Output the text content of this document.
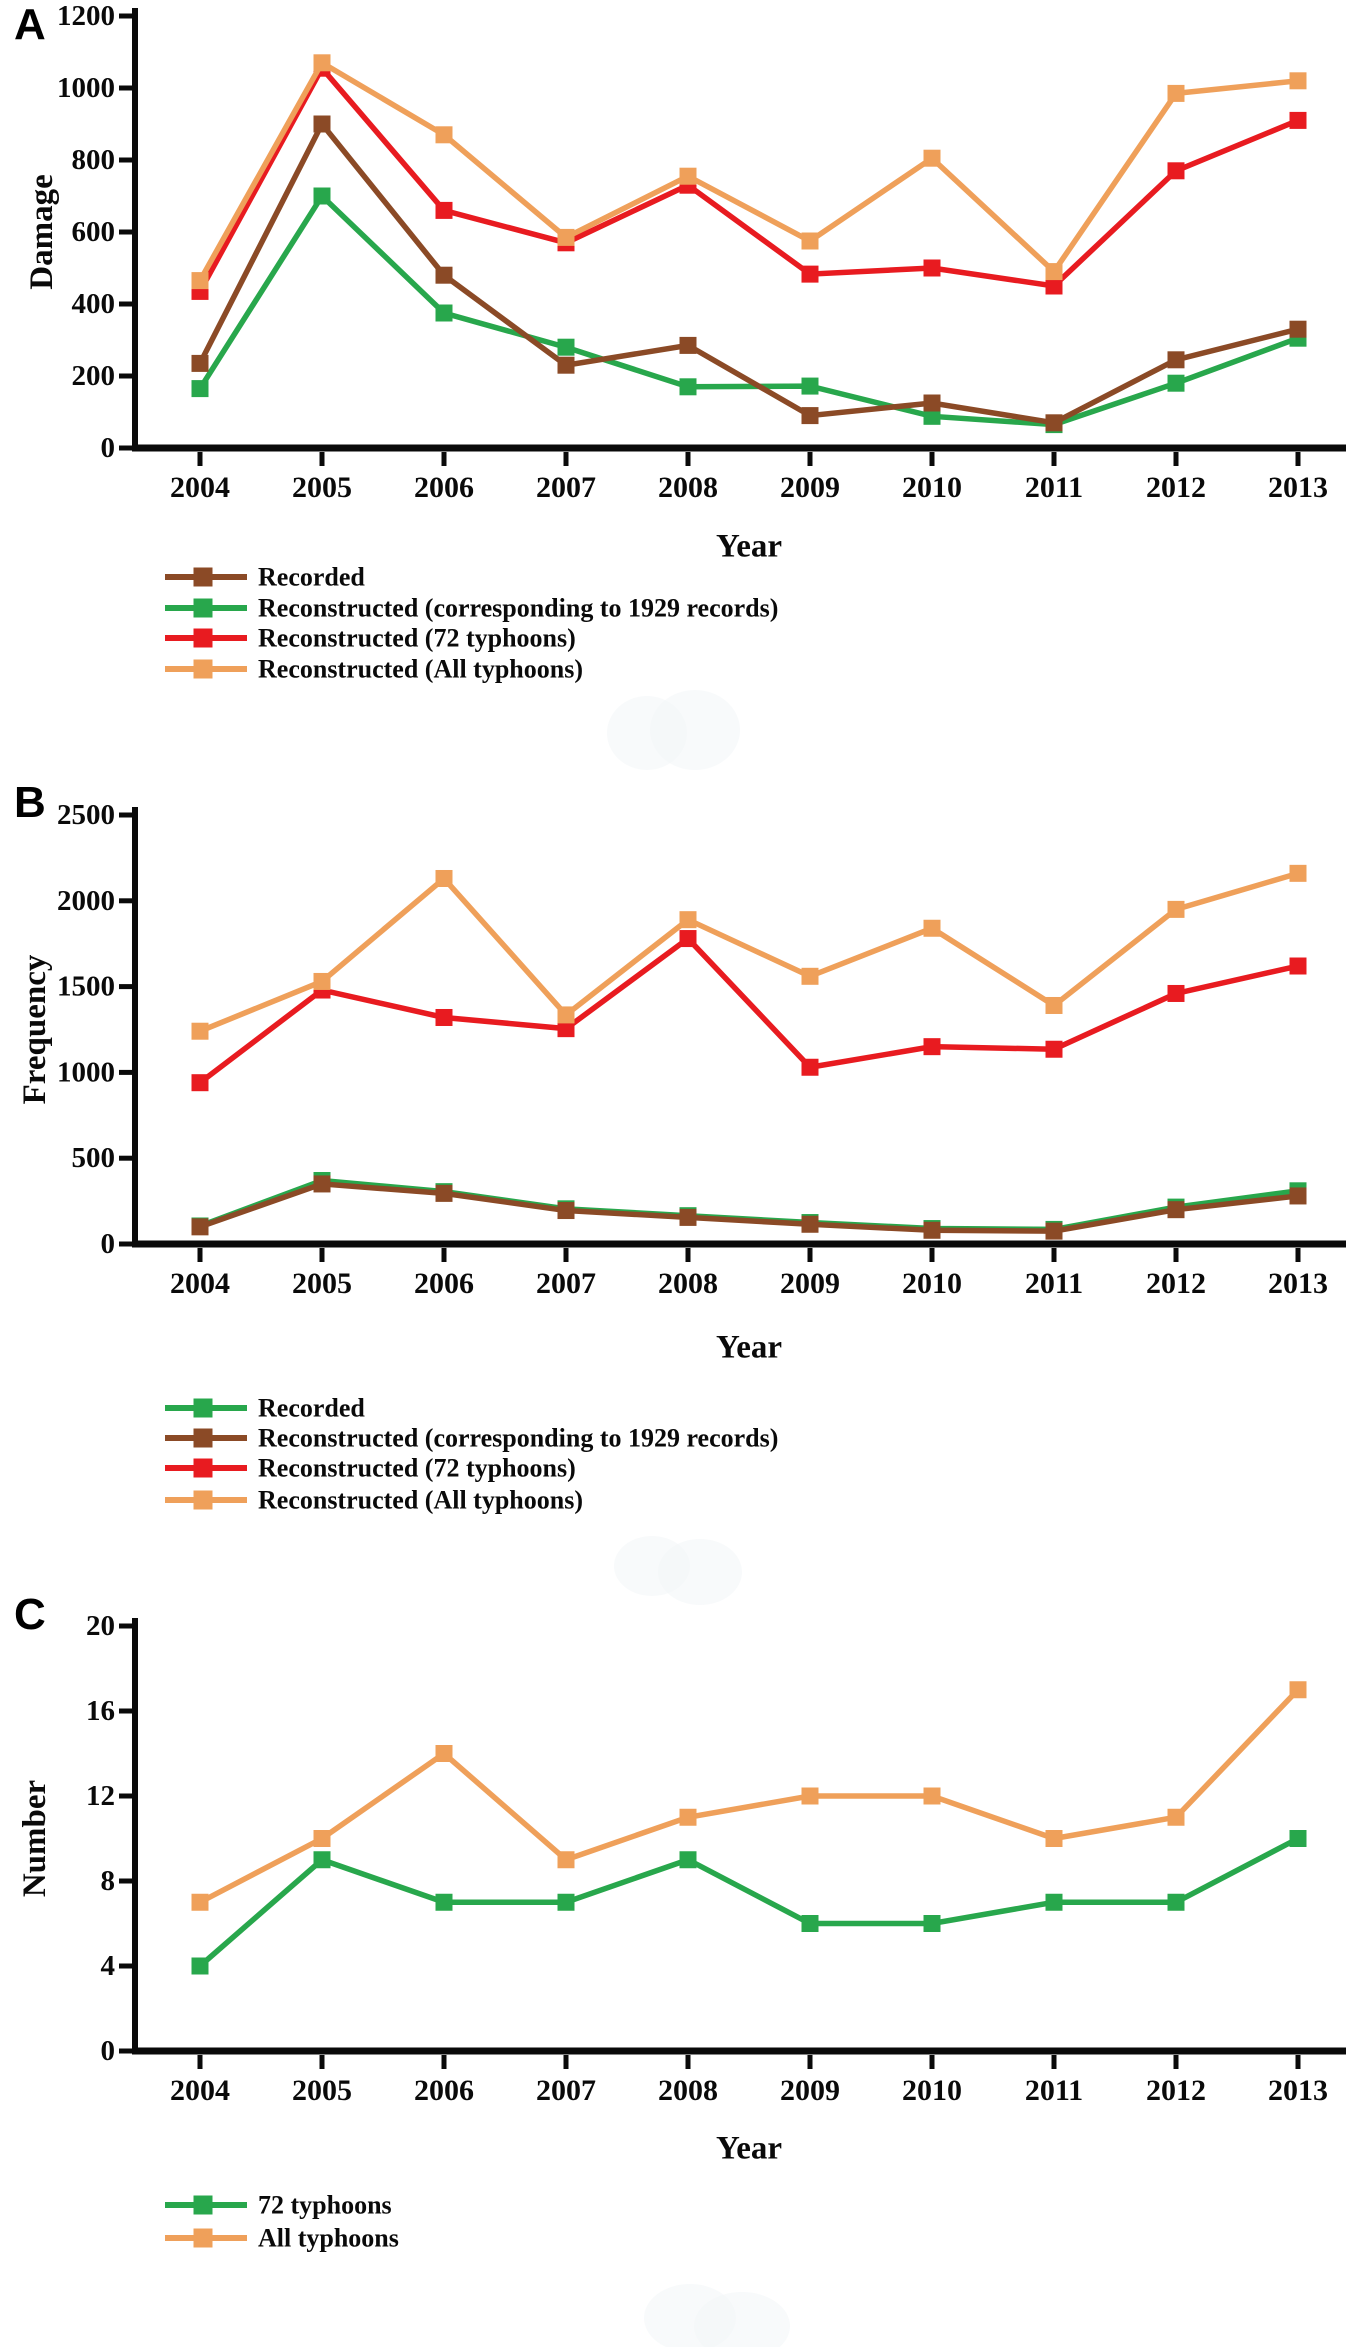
A
0
200
400
600
800
1000
1200
2004 2005 2006 2007 2008 2009 2010 2011 2012 2013
Damage
Year
Recorded
Reconstructed (corresponding to 1929 records)
Reconstructed (72 typhoons)
Reconstructed (All typhoons)
B
0
500
1000
1500
2000
2500
2004 2005 2006 2007 2008 2009 2010 2011 2012 2013
Frequency
Year
Recorded
Reconstructed (corresponding to 1929 records)
Reconstructed (72 typhoons)
Reconstructed (All typhoons)
C
0
4
8
12
16
20
2004 2005 2006 2007 2008 2009 2010 2011 2012 2013
Number
Year
72 typhoons
All typhoons
